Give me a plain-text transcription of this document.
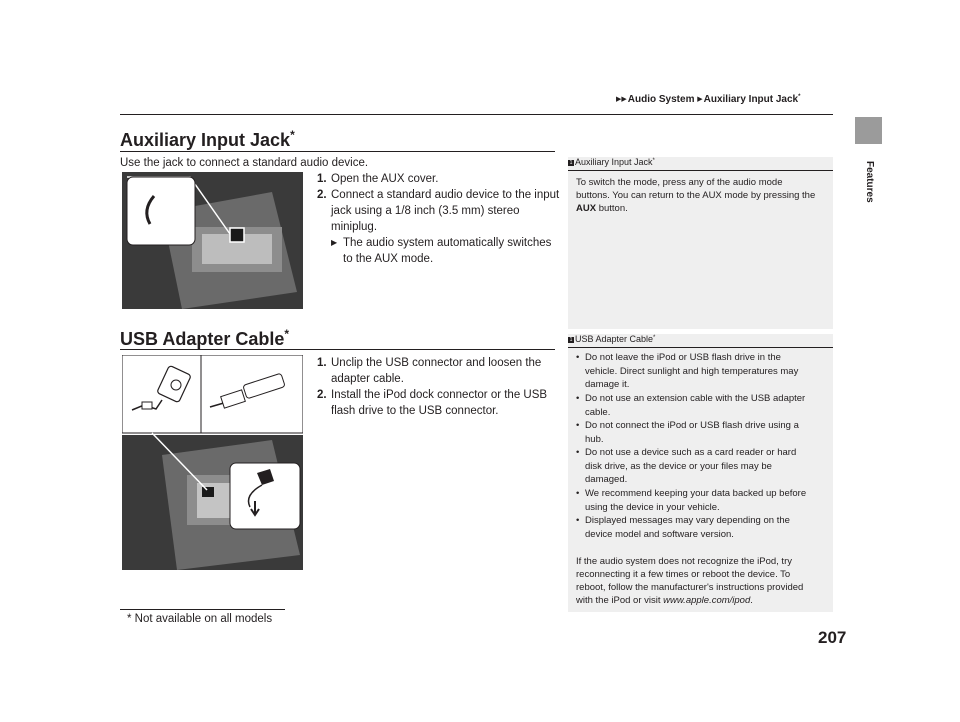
▶▶Audio System ▶Auxiliary Input Jack*
Features
Auxiliary Input Jack*
Use the jack to connect a standard audio device.
1. Open the AUX cover.
2. Connect a standard audio device to the input jack using a 1/8 inch (3.5 mm) stereo miniplug.
▶ The audio system automatically switches to the AUX mode.
1 Auxiliary Input Jack*
To switch the mode, press any of the audio mode buttons. You can return to the AUX mode by pressing the AUX button.
USB Adapter Cable*
1. Unclip the USB connector and loosen the adapter cable.
2. Install the iPod dock connector or the USB flash drive to the USB connector.
1 USB Adapter Cable*
• Do not leave the iPod or USB flash drive in the vehicle. Direct sunlight and high temperatures may damage it.
• Do not use an extension cable with the USB adapter cable.
• Do not connect the iPod or USB flash drive using a hub.
• Do not use a device such as a card reader or hard disk drive, as the device or your files may be damaged.
• We recommend keeping your data backed up before using the device in your vehicle.
• Displayed messages may vary depending on the device model and software version.
If the audio system does not recognize the iPod, try reconnecting it a few times or reboot the device. To reboot, follow the manufacturer's instructions provided with the iPod or visit www.apple.com/ipod.
* Not available on all models
207
